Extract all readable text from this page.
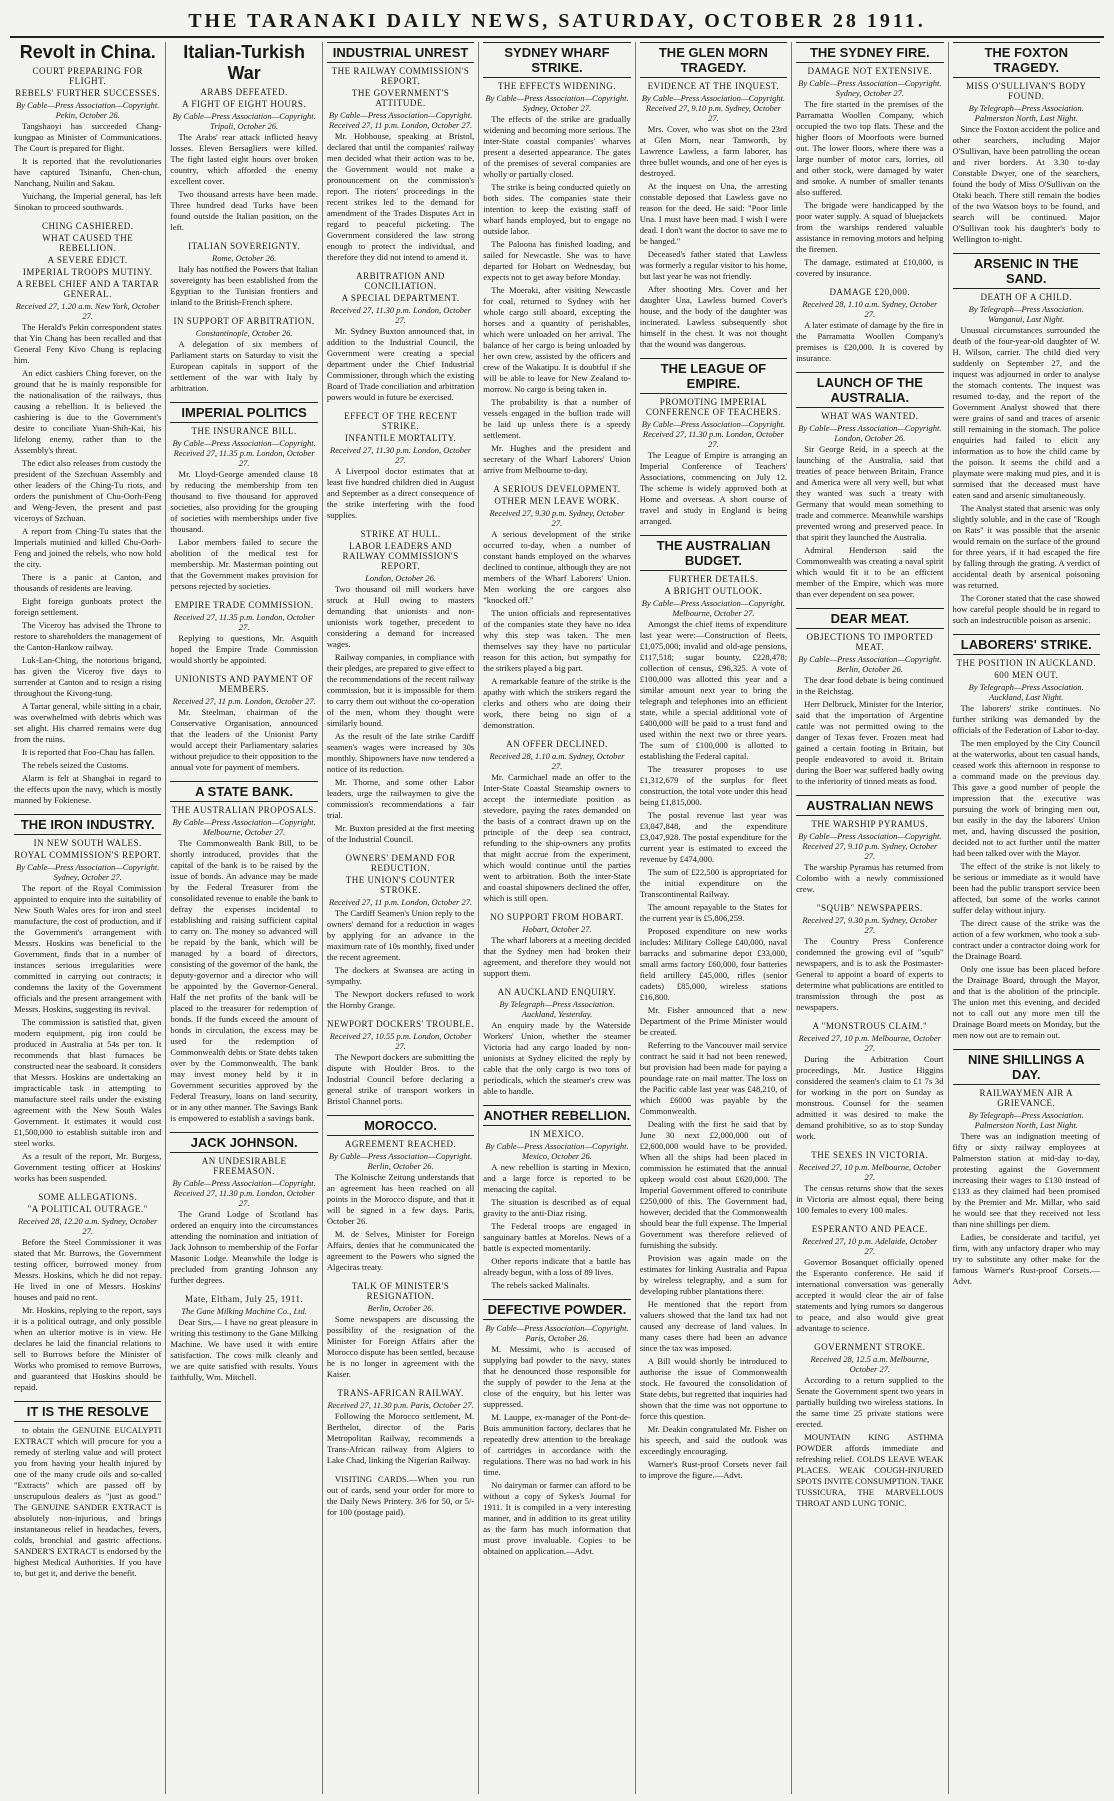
THE TARANAKI DAILY NEWS, SATURDAY, OCTOBER 28 1911.
Revolt in China.
COURT PREPARING FOR FLIGHT.
REBELS' FURTHER SUCCESSES.
By Cable—Press Association—Copyright. Pekin, October 26.

Tangshaoyi has succeeded Chang-kungpao as Minister of Communications. The Court is prepared for flight.

It is reported that the revolutionaries have captured Tsinanfu, Chen-chun, Nanchang, Nuilin and Sakau.

Yuichang, the Imperial general, has left Sinokan to proceed southwards.

CHING CASHIERED.
WHAT CAUSED THE REBELLION.
A SEVERE EDICT.
IMPERIAL TROOPS MUTINY.
A REBEL CHIEF AND A TARTAR GENERAL.
Received 27, 1.20 a.m. New York, October 27.

The Herald's Pekin correspondent states that Yin Chang has been recalled and that General Feny Kivo Chung is replacing him.

An edict cashiers Ching forever, on the ground that he is mainly responsible for the nationalisation of the railways, thus causing a rebellion. It is believed the cashiering is due to the Government's desire to conciliate Yuan-Shih-Kai, his lifelong enemy, rather than to the Assembly's threat.

The edict also releases from custody the president of the Szechuan Assembly and other leaders of the Ching-Tu riots, and orders the punishment of Chu-Oorh-Feng and Weng-Jeven, the present and past viceroys of Szchuan.

A report from Ching-Tu states that the Imperials mutinied and killed Chu-Oorh-Feng and joined the rebels, who now hold the city.

There is a panic at Canton, and thousands of residents are leaving.

Eight foreign gunboats protect the foreign settlement.

The Viceroy has advised the Throne to restore to shareholders the management of the Canton-Hankow railway.

Luk-Lan-Ching, the notorious brigand, has given the Viceroy five days to surrender at Canton and to resign a rising throughout the Kivong-tung.

A Tartar general, while sitting in a chair, was overwhelmed with debris which was set alight. His charred remains were dug from the ruins.

It is reported that Foo-Chau has fallen.

The rebels seized the Customs.

Alarm is felt at Shanghai in regard to the effects upon the navy, which is mostly manned by Fokienese.

THE IRON INDUSTRY.
IN NEW SOUTH WALES.
ROYAL COMMISSION'S REPORT.
By Cable—Press Association—Copyright. Sydney, October 27.

The report of the Royal Commission appointed to enquire into the suitability of New South Wales ores for iron and steel manufacture, the cost of production, and if the Government's arrangement with Messrs. Hoskins was beneficial to the Government, finds that in a number of instances serious irregularities were committed in carrying out contracts; it condemns the laxity of the Government officials and the present arrangement with Messrs. Hoskins, suggesting its revival.

The commission is satisfied that, given modern equipment, pig iron could be produced in Australia at 54s per ton. It recommends that blast furnaces be constructed near the seaboard. It considers that Messrs. Hoskins are undertaking an impracticable task in attempting to manufacture steel rails under the existing agreement with the New South Wales Government. It estimates it would cost £1,500,000 to establish suitable iron and steel works.

As a result of the report, Mr. Burgess, Government testing officer at Hoskins' works has been suspended.

SOME ALLEGATIONS.
"A POLITICAL OUTRAGE."
Received 28, 12.20 a.m. Sydney, October 27.

Before the Steel Commissioner it was stated that Mr. Burrows, the Government testing officer, borrowed money from Messrs. Hoskins, which he did not repay. He lived in one of Messrs. Hoskins' houses and paid no rent.

Mr. Hoskins, replying to the report, says it is a political outrage, and only possible when an ulterior motive is in view. He declares he laid the financial relations to sell to Burrows before the Minister of Works who promised to remove Burrows, and guaranteed that Hoskins should be repaid.

IT IS THE RESOLVE

to obtain the GENUINE EUCALYPTI EXTRACT which will procure for you a remedy of sterling value and will protect you from having your health injured by one of the many crude oils and so-called "Extracts" which are passed off by unscrupulous dealers as "just as good." The GENUINE SANDER EXTRACT is absolutely non-injurious, and brings instantaneous relief in headaches, fevers, colds, bronchial and gastric affections. SANDER'S EXTRACT is endorsed by the highest Medical Authorities. If you have to, but get it, and derive the benefit.

Italian-Turkish War
ARABS DEFEATED.
A FIGHT OF EIGHT HOURS.
By Cable—Press Association—Copyright. Tripoli, October 26.

The Arabs' rear attack inflicted heavy losses. Eleven Bersagliers were killed. The fight lasted eight hours over broken country, which afforded the enemy excellent cover.

Two thousand arrests have been made. Three hundred dead Turks have been found outside the Italian position, on the left.

ITALIAN SOVEREIGNTY.
Rome, October 26.

Italy has notified the Powers that Italian sovereignty has been established from the Egyptian to the Tunisian frontiers and inland to the British-French sphere.

IN SUPPORT OF ARBITRATION.
Constantinople, October 26.

A delegation of six members of Parliament starts on Saturday to visit the European capitals in support of the settlement of the war with Italy by arbitration.

IMPERIAL POLITICS
THE INSURANCE BILL.
By Cable—Press Association—Copyright. Received 27, 11.35 p.m. London, October 27.

Mr. Lloyd-George amended clause 18 by reducing the membership from ten thousand to five thousand for approved societies, also providing for the grouping of societies with memberships under five thousand.

Labor members failed to secure the abolition of the medical test for membership. Mr. Masterman pointing out that the Government makes provision for persons rejected by societies.

EMPIRE TRADE COMMISSION.
Received 27, 11.35 p.m. London, October 27.

Replying to questions, Mr. Asquith hoped the Empire Trade Commission would shortly be appointed.

UNIONISTS AND PAYMENT OF MEMBERS.
Received 27, 11 p.m. London, October 27.

Mr. Steelman, chairman of the Conservative Organisation, announced that the leaders of the Unionist Party would accept their Parliamentary salaries without prejudice to their opposition to the annual vote for payment of members.

A STATE BANK.
THE AUSTRALIAN PROPOSALS.
By Cable—Press Association—Copyright. Melbourne, October 27.

The Commonwealth Bank Bill, to be shortly introduced, provides that the capital of the bank is to be raised by the issue of bonds. An advance may be made by the Federal Treasurer from the consolidated revenue to enable the bank to defray the expenses incidental to establishing and raising sufficient capital to carry on. The money so advanced will be repaid by the bank, which will be managed by a board of directors, consisting of the governor of the bank, the deputy-governor and a director who will be appointed by the Governor-General. Half the net profits of the bank will be placed to the treasurer for redemption of bonds. If the funds exceed the amount of bonds in circulation, the excess may be used for the redemption of Commonwealth debts or State debts taken over by the Commonwealth. The bank may invest money held by it in Government securities approved by the Federal Treasury, loans on land security, or in any other manner. The Savings Bank is empowered to establish a savings bank.

JACK JOHNSON.
AN UNDESIRABLE FREEMASON.
By Cable—Press Association—Copyright. Received 27, 11.30 p.m. London, October 27.

The Grand Lodge of Scotland has ordered an enquiry into the circumstances attending the nomination and initiation of Jack Johnson to membership of the Forfar Masonic Lodge. Meanwhile the lodge is precluded from granting Johnson any further degrees.

Mate, Eltham, July 25, 1911.
The Gane Milking Machine Co., Ltd.

Dear Sirs,— I have no great pleasure in writing this testimony to the Gane Milking Machine. We have used it with entire satisfaction. The cows milk cleanly and we are quite satisfied with results. Yours faithfully, Wm. Mitchell.

INDUSTRIAL UNREST
THE RAILWAY COMMISSION'S REPORT.
THE GOVERNMENT'S ATTITUDE.
By Cable—Press Association—Copyright. Received 27, 11 p.m. London, October 27.

Mr. Hobhouse, speaking at Bristol, declared that until the companies' railway men decided what their action was to be, the Government would not make a pronouncement on the commission's report. The rioters' proceedings in the recent strikes led to the demand for amendment of the Trades Disputes Act in regard to peaceful picketing. The Government considered the law strong enough to protect the individual, and therefore they did not intend to amend it.

ARBITRATION AND CONCILIATION.
A SPECIAL DEPARTMENT.
Received 27, 11.30 p.m. London, October 27.

Mr. Sydney Buxton announced that, in addition to the Industrial Council, the Government were creating a special department under the Chief Industrial Commissioner, through which the existing Board of Trade conciliation and arbitration powers would in future be exercised.

EFFECT OF THE RECENT STRIKE.
INFANTILE MORTALITY.
Received 27, 11.30 p.m. London, October 27.

A Liverpool doctor estimates that at least five hundred children died in August and September as a direct consequence of the strike interfering with the food supplies.

STRIKE AT HULL.
LABOR LEADERS AND RAILWAY COMMISSION'S REPORT.
London, October 26.

Two thousand oil mill workers have struck at Hull owing to masters demanding that unionists and non-unionists work together, precedent to considering a demand for increased wages.

Railway companies, in compliance with their pledges, are prepared to give effect to the recommendations of the recent railway commission, but it is impossible for them to carry them out without the co-operation of the men, whom they thought were similarly bound.

As the result of the late strike Cardiff seamen's wages were increased by 30s monthly. Shipowners have now tendered a notice of its reduction.

Mr. Thorne, and some other Labor leaders, urge the railwaymen to give the commission's recommendations a fair trial.

Mr. Buxton presided at the first meeting of the Industrial Council.

OWNERS' DEMAND FOR REDUCTION.
THE UNION'S COUNTER STROKE.
Received 27, 11 p.m. London, October 27.

The Cardiff Seamen's Union reply to the owners' demand for a reduction in wages by applying for an advance in the maximum rate of 10s monthly, fixed under the recent agreement.

The dockers at Swansea are acting in sympathy.

The Newport dockers refused to work the Hornby Grange.

NEWPORT DOCKERS' TROUBLE.
Received 27, 10.55 p.m. London, October 27.

The Newport dockers are submitting the dispute with Houlder Bros. to the Industrial Council before declaring a general strike of transport workers in Bristol Channel ports.

MOROCCO.
AGREEMENT REACHED.
By Cable—Press Association—Copyright. Berlin, October 26.

The Kolnische Zeitung understands that an agreement has been reached on all points in the Morocco dispute, and that it will be signed in a few days. Paris, October 26.

M. de Selves, Minister for Foreign Affairs, denies that he communicated the agreement to the Powers who signed the Algeciras treaty.

TALK OF MINISTER'S RESIGNATION.
Berlin, October 26.

Some newspapers are discussing the possibility of the resignation of the Minister for Foreign Affairs after the Morocco dispute has been settled, because he is no longer in agreement with the Kaiser.

TRANS-AFRICAN RAILWAY.
Received 27, 11.30 p.m. Paris, October 27.

Following the Morocco settlement, M. Berthelot, director of the Paris Metropolitan Railway, recommends a Trans-African railway from Algiers to Lake Chad, linking the Nigerian Railway.

VISITING CARDS.—When you run out of cards, send your order for more to the Daily News Printery. 3/6 for 50, or 5/- for 100 (postage paid).

SYDNEY WHARF STRIKE.
THE EFFECTS WIDENING.
By Cable—Press Association—Copyright. Sydney, October 27.

The effects of the strike are gradually widening and becoming more serious. The inter-State coastal companies' wharves present a deserted appearance. The gates of the premises of several companies are wholly or partially closed.

The strike is being conducted quietly on both sides. The companies state their intention to keep the existing staff of wharf hands employed, but to engage no outside labor.

The Paloona has finished loading, and sailed for Newcastle. She was to have departed for Hobart on Wednesday, but expects not to get away before Monday.

The Moeraki, after visiting Newcastle for coal, returned to Sydney with her whole cargo still aboard, excepting the horses and a quantity of perishables, which were unloaded on her arrival. The balance of her cargo is being unloaded by her own crew, assisted by the officers and crew of the Wakatipu. It is doubtful if she will be able to leave for New Zealand to-morrow. No cargo is being taken in.

The probability is that a number of vessels engaged in the bullion trade will be laid up unless there is a speedy settlement.

Mr. Hughes and the president and secretary of the Wharf Laborers' Union arrive from Melbourne to-day.

A SERIOUS DEVELOPMENT.
OTHER MEN LEAVE WORK.
Received 27, 9.30 p.m. Sydney, October 27.

A serious development of the strike occurred to-day, when a number of constant hands employed on the wharves declined to continue, although they are not members of the Wharf Laborers' Union. Men working the ore cargoes also "knocked off."

The union officials and representatives of the companies state they have no idea why this step was taken. The men themselves say they have no particular reason for this action, but sympathy for the strikers played a big part.

A remarkable feature of the strike is the apathy with which the strikers regard the clerks and others who are doing their work, there being no sign of a demonstration.

AN OFFER DECLINED.
Received 28, 1.10 a.m. Sydney, October 27.

Mr. Carmichael made an offer to the Inter-State Coastal Steamship owners to accept the intermediate position as stevedore, paying the rates demanded on the basis of a contract drawn up on the principle of the deep sea contract, refunding to the ship-owners any profits that might accrue from the experiment, which would continue until the parties went to arbitration. Both the inter-State and coastal shipowners declined the offer, which is still open.

NO SUPPORT FROM HOBART.
Hobart, October 27.

The wharf laborers at a meeting decided that the Sydney men had broken their agreement, and therefore they would not support them.

AN AUCKLAND ENQUIRY.
By Telegraph—Press Association. Auckland, Yesterday.

An enquiry made by the Waterside Workers' Union, whether the steamer Victoria had any cargo loaded by non-unionists at Sydney elicited the reply by cable that the only cargo is two tons of periodicals, which the steamer's crew was able to handle.

ANOTHER REBELLION.
IN MEXICO.
By Cable—Press Association—Copyright. Mexico, October 26.

A new rebellion is starting in Mexico, and a large force is reported to be menacing the capital.

The situation is described as of equal gravity to the anti-Diaz rising.

The Federal troops are engaged in sanguinary battles at Morelos. News of a battle is expected momentarily.

Other reports indicate that a battle has already begun, with a loss of 89 lives.

The rebels sacked Malinalts.

DEFECTIVE POWDER.
By Cable—Press Association—Copyright. Paris, October 26.

M. Messimi, who is accused of supplying bad powder to the navy, states that he denounced those responsible for the supply of powder to the Jena at the close of the enquiry, but his letter was suppressed.

M. Lauppe, ex-manager of the Pont-de-Buis ammunition factory, declares that he repeatedly drew attention to the breakage of cartridges in accordance with the regulations. There was no bad work in his time.

No dairyman or farmer can afford to be without a copy of Sykes's Journal for 1911. It is compiled in a very interesting manner, and in addition to its great utility as the farm has much information that must prove invaluable. Copies to be obtained on application.—Advt.

THE GLEN MORN TRAGEDY.
EVIDENCE AT THE INQUEST.
By Cable—Press Association—Copyright. Received 27, 9.10 p.m. Sydney, October 27.

Mrs. Cover, who was shot on the 23rd at Glen Morn, near Tamworth, by Lawrence Lawless, a farm laborer, has three bullet wounds, and one of her eyes is destroyed.

At the inquest on Una, the arresting constable deposed that Lawless gave no reason for the deed. He said: "Poor little Una. I must have been mad. I wish I were dead. I don't want the doctor to save me to be hanged."

Deceased's father stated that Lawless was formerly a regular visitor to his home, but last year he was not friendly.

After shooting Mrs. Cover and her daughter Una, Lawless burned Cover's house, and the body of the daughter was incinerated. Lawless subsequently shot himself in the chest. It was not thought that the wound was dangerous.

THE LEAGUE OF EMPIRE.
PROMOTING IMPERIAL CONFERENCE OF TEACHERS.
By Cable—Press Association—Copyright. Received 27, 11.30 p.m. London, October 27.

The League of Empire is arranging an Imperial Conference of Teachers' Associations, commencing on July 12. The scheme is widely approved both at Home and overseas. A short course of travel and study in England is being arranged.

THE AUSTRALIAN BUDGET.
FURTHER DETAILS.
A BRIGHT OUTLOOK.
By Cable—Press Association—Copyright. Melbourne, October 27.

Amongst the chief items of expenditure last year were:—Construction of fleets, £1,075,000; invalid and old-age pensions, £117,518; sugar bounty, £228,478; collection of census, £96,325. A vote of £100,000 was allotted this year and a similar amount next year to bring the telegraph and telephones into an efficient state, while a special additional vote of £400,000 will be paid to a trust fund and used within the next two or three years. The sum of £100,000 is allotted to establishing the Federal capital.

The treasurer proposes to use £1,312,679 of the surplus for fleet construction, the total vote under this head being £1,815,000.

The postal revenue last year was £3,047,848, and the expenditure £3,047,928. The postal expenditure for the current year is estimated to exceed the revenue by £474,000.

The sum of £22,500 is appropriated for the initial expenditure on the Transcontinental Railway.

The amount repayable to the States for the current year is £5,806,259.

Proposed expenditure on new works includes: Military College £40,000, naval barracks and submarine depot £33,000, small arms factory £60,000, four batteries field artillery £45,000, rifles (senior cadets) £85,000, wireless stations £16,800.

Mr. Fisher announced that a new Department of the Prime Minister would be created.

Referring to the Vancouver mail service contract he said it had not been renewed, but provision had been made for paying a poundage rate on mail matter. The loss on the Pacific cable last year was £48,210, of which £6000 was payable by the Commonwealth.

Dealing with the first he said that by June 30 next £2,000,000 out of £2,600,000 would have to be provided. When all the ships had been placed in commission he estimated that the annual upkeep would cost about £620,000. The Imperial Government offered to contribute £250,000 of this. The Government had, however, decided that the Commonwealth should bear the full expense. The Imperial Government was therefore relieved of furnishing the subsidy.

Provision was again made on the estimates for linking Australia and Papua by wireless telegraphy, and a sum for developing rubber plantations there.

He mentioned that the report from valuers showed that the land tax had not caused any decrease of land values. In many cases there had been an advance since the tax was imposed.

A Bill would shortly be introduced to authorise the issue of Commonwealth stock. He favoured the consolidation of State debts, but regretted that inquiries had shown that the time was not opportune to force this question.

Mr. Deakin congratulated Mr. Fisher on his speech, and said the outlook was exceedingly encouraging.

Warner's Rust-proof Corsets never fail to improve the figure.—Advt.

THE SYDNEY FIRE.
DAMAGE NOT EXTENSIVE.
By Cable—Press Association—Copyright. Sydney, October 27.

The fire started in the premises of the Parramatta Woollen Company, which occupied the two top flats. These and the higher floors of Moorfoots were burned out. The lower floors, where there was a large number of motor cars, lorries, oil and other stock, were damaged by water and smoke. A number of smaller tenants also suffered.

The brigade were handicapped by the poor water supply. A squad of bluejackets from the warships rendered valuable assistance in removing motors and helping the firemen.

The damage, estimated at £10,000, is covered by insurance.

DAMAGE £20,000.
Received 28, 1.10 a.m. Sydney, October 27.

A later estimate of damage by the fire in the Parramatta Woollen Company's premises is £20,000. It is covered by insurance.

LAUNCH OF THE AUSTRALIA.
WHAT WAS WANTED.
By Cable—Press Association—Copyright. London, October 26.

Sir George Reid, in a speech at the launching of the Australia, said that treaties of peace between Britain, France and America were all very well, but what they wanted was such a treaty with Germany that would mean something to trade and commerce. Meanwhile warships prevented wrong and preserved peace. In that spirit they launched the Australia.

Admiral Henderson said the Commonwealth was creating a naval spirit which would fit it to be an efficient member of the Empire, which was more than ever dependent on sea power.

DEAR MEAT.
OBJECTIONS TO IMPORTED MEAT.
By Cable—Press Association—Copyright. Berlin, October 26.

The dear food debate is being continued in the Reichstag.

Herr Delbruck, Minister for the Interior, said that the importation of Argentine cattle was not permitted owing to the danger of Texas fever. Frozen meat had gained a certain footing in Britain, but people endeavored to avoid it. Britain during the Boer war suffered badly owing to the inferiority of tinned meats as food.

AUSTRALIAN NEWS
THE WARSHIP PYRAMUS.
By Cable—Press Association—Copyright. Received 27, 9.10 p.m. Sydney, October 27.

The warship Pyramus has returned from Colombo with a newly commissioned crew.

"SQUIB" NEWSPAPERS.
Received 27, 9.30 p.m. Sydney, October 27.

The Country Press Conference condemned the growing evil of "squib" newspapers, and is to ask the Postmaster-General to appoint a board of experts to determine what publications are entitled to transmission through the post as newspapers.

A "MONSTROUS CLAIM."
Received 27, 10 p.m. Melbourne, October 27.

During the Arbitration Court proceedings, Mr. Justice Higgins considered the seamen's claim to £1 7s 3d for working in the port on Sunday as monstrous. Counsel for the seamen admitted it was desired to make the demand prohibitive, so as to stop Sunday work.

THE SEXES IN VICTORIA.
Received 27, 10 p.m. Melbourne, October 27.

The census returns show that the sexes in Victoria are almost equal, there being 100 females to every 100 males.

ESPERANTO AND PEACE.
Received 27, 10 p.m. Adelaide, October 27.

Governor Bosanquet officially opened the Esperanto conference. He said if international conversation was generally accepted it would clear the air of false statements and lying rumors so dangerous to peace, and also would give great advantage to science.

GOVERNMENT STROKE.
Received 28, 12.5 a.m. Melbourne, October 27.

According to a return supplied to the Senate the Government spent two years in partially building two wireless stations. In the same time 25 private stations were erected.

MOUNTAIN KING ASTHMA POWDER affords immediate and refreshing relief. COLDS LEAVE WEAK PLACES. WEAK COUGH-INJURED SPOTS INVITE CONSUMPTION. TAKE TUSSICURA, THE MARVELLOUS THROAT AND LUNG TONIC.

THE FOXTON TRAGEDY.
MISS O'SULLIVAN'S BODY FOUND.
By Telegraph—Press Association. Palmerston North, Last Night.

Since the Foxton accident the police and other searchers, including Major O'Sullivan, have been patrolling the ocean and river borders. At 3.30 to-day Constable Dwyer, one of the searchers, found the body of Miss O'Sullivan on the Otaki beach. There still remain the bodies of the two Watson boys to be found, and search will be continued. Major O'Sullivan took his daughter's body to Wellington to-night.

ARSENIC IN THE SAND.
DEATH OF A CHILD.
By Telegraph—Press Association. Wanganui, Last Night.

Unusual circumstances surrounded the death of the four-year-old daughter of W. H. Wilson, carrier. The child died very suddenly on September 27, and the inquest was adjourned in order to analyse the stomach contents. The inquest was resumed to-day, and the report of the Government Analyst showed that there were grains of sand and traces of arsenic still remaining in the stomach. The police enquiries had failed to elicit any information as to how the child came by the poison. It seems the child and a playmate were making mud pies, and it is surmised that the deceased must have eaten sand and arsenic simultaneously.

The Analyst stated that arsenic was only slightly soluble, and in the case of "Rough on Rats" it was possible that the arsenic would remain on the surface of the ground for three years, if it had escaped the fire by falling through the grating. A verdict of accidental death by arsenical poisoning was returned.

The Coroner stated that the case showed how careful people should be in regard to such an indestructible poison as arsenic.

LABORERS' STRIKE.
THE POSITION IN AUCKLAND.
600 MEN OUT.
By Telegraph—Press Association. Auckland, Last Night.

The laborers' strike continues. No further striking was demanded by the officials of the Federation of Labor to-day.

The men employed by the City Council at the waterworks, about ten casual hands, ceased work this afternoon in response to a command made on the previous day. This gave a good number of people the impression that the executive was pursuing the work of bringing men out, but easily in the day the laborers' Union met, and, having discussed the position, decided not to act further until the matter had been talked over with the Mayor.

The effect of the strike is not likely to be serious or immediate as it would have been had the public transport service been affected, but some of the works cannot suffer delay without injury.

The direct cause of the strike was the action of a few workmen, who took a sub-contract under a contractor doing work for the Drainage Board.

Only one issue has been placed before the Drainage Board, through the Mayor, and that is the abolition of the principle. The union met this evening, and decided not to call out any more men till the Drainage Board meets on Monday, but the men now out are to remain out.

NINE SHILLINGS A DAY.
RAILWAYMEN AIR A GRIEVANCE.
By Telegraph—Press Association. Palmerston North, Last Night.

There was an indignation meeting of fifty or sixty railway employees at Palmerston station at mid-day to-day, protesting against the Government increasing their wages to £130 instead of £133 as they claimed had been promised by the Premier and Mr. Millar, who said he would see that they received not less than nine shillings per diem.

Ladies, be considerate and tactful, yet firm, with any unfactory draper who may try to substitute any other make for the famous Warner's Rust-proof Corsets.—Advt.
